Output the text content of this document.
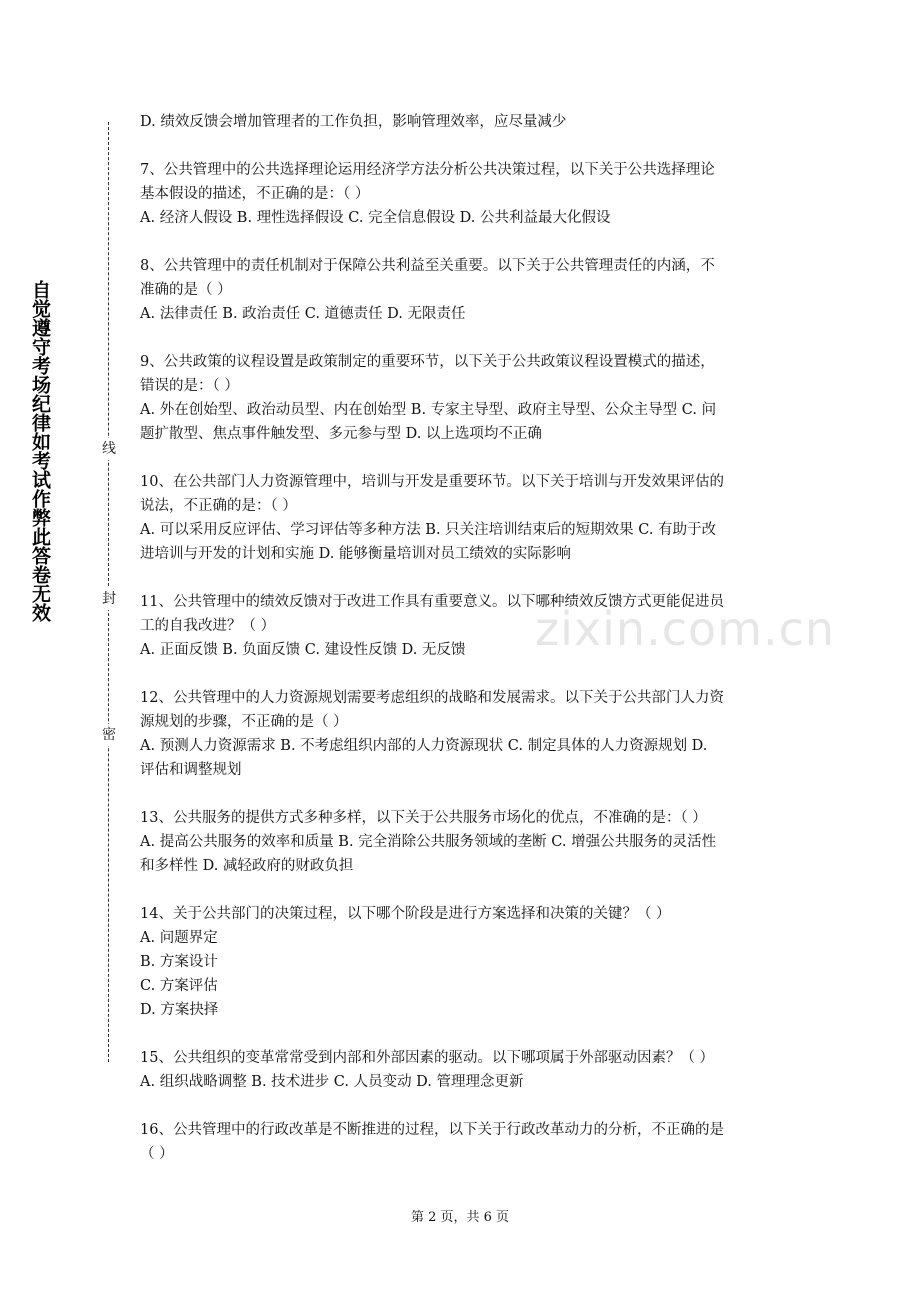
自觉遵守考场纪律如考试作弊此答卷无效	线
封
密
zixin.com.cn

D. 绩效反馈会增加管理者的工作负担，影响管理效率，应尽量减少

7、公共管理中的公共选择理论运用经济学方法分析公共决策过程，以下关于公共选择理论

基本假设的描述，不正确的是：（ ）

A. 经济人假设 B. 理性选择假设 C. 完全信息假设 D. 公共利益最大化假设

8、公共管理中的责任机制对于保障公共利益至关重要。以下关于公共管理责任的内涵，不

准确的是（ ）

A. 法律责任 B. 政治责任 C. 道德责任 D. 无限责任

9、公共政策的议程设置是政策制定的重要环节，以下关于公共政策议程设置模式的描述，

错误的是：（ ）

A. 外在创始型、政治动员型、内在创始型 B. 专家主导型、政府主导型、公众主导型 C. 问

题扩散型、焦点事件触发型、多元参与型 D. 以上选项均不正确

10、在公共部门人力资源管理中，培训与开发是重要环节。以下关于培训与开发效果评估的

说法，不正确的是：（ ）

A. 可以采用反应评估、学习评估等多种方法 B. 只关注培训结束后的短期效果 C. 有助于改

进培训与开发的计划和实施 D. 能够衡量培训对员工绩效的实际影响

11、公共管理中的绩效反馈对于改进工作具有重要意义。以下哪种绩效反馈方式更能促进员

工的自我改进？（ ）

A. 正面反馈 B. 负面反馈 C. 建设性反馈 D. 无反馈

12、公共管理中的人力资源规划需要考虑组织的战略和发展需求。以下关于公共部门人力资

源规划的步骤，不正确的是（ ）

A. 预测人力资源需求 B. 不考虑组织内部的人力资源现状 C. 制定具体的人力资源规划 D.

评估和调整规划

13、公共服务的提供方式多种多样，以下关于公共服务市场化的优点，不准确的是：（ ）

A. 提高公共服务的效率和质量 B. 完全消除公共服务领域的垄断 C. 增强公共服务的灵活性

和多样性 D. 减轻政府的财政负担

14、关于公共部门的决策过程，以下哪个阶段是进行方案选择和决策的关键？（ ）

A. 问题界定

B. 方案设计

C. 方案评估

D. 方案抉择

15、公共组织的变革常常受到内部和外部因素的驱动。以下哪项属于外部驱动因素？（ ）

A. 组织战略调整 B. 技术进步 C. 人员变动 D. 管理理念更新

16、公共管理中的行政改革是不断推进的过程，以下关于行政改革动力的分析，不正确的是

（ ）

第 2 页，共 6 页
